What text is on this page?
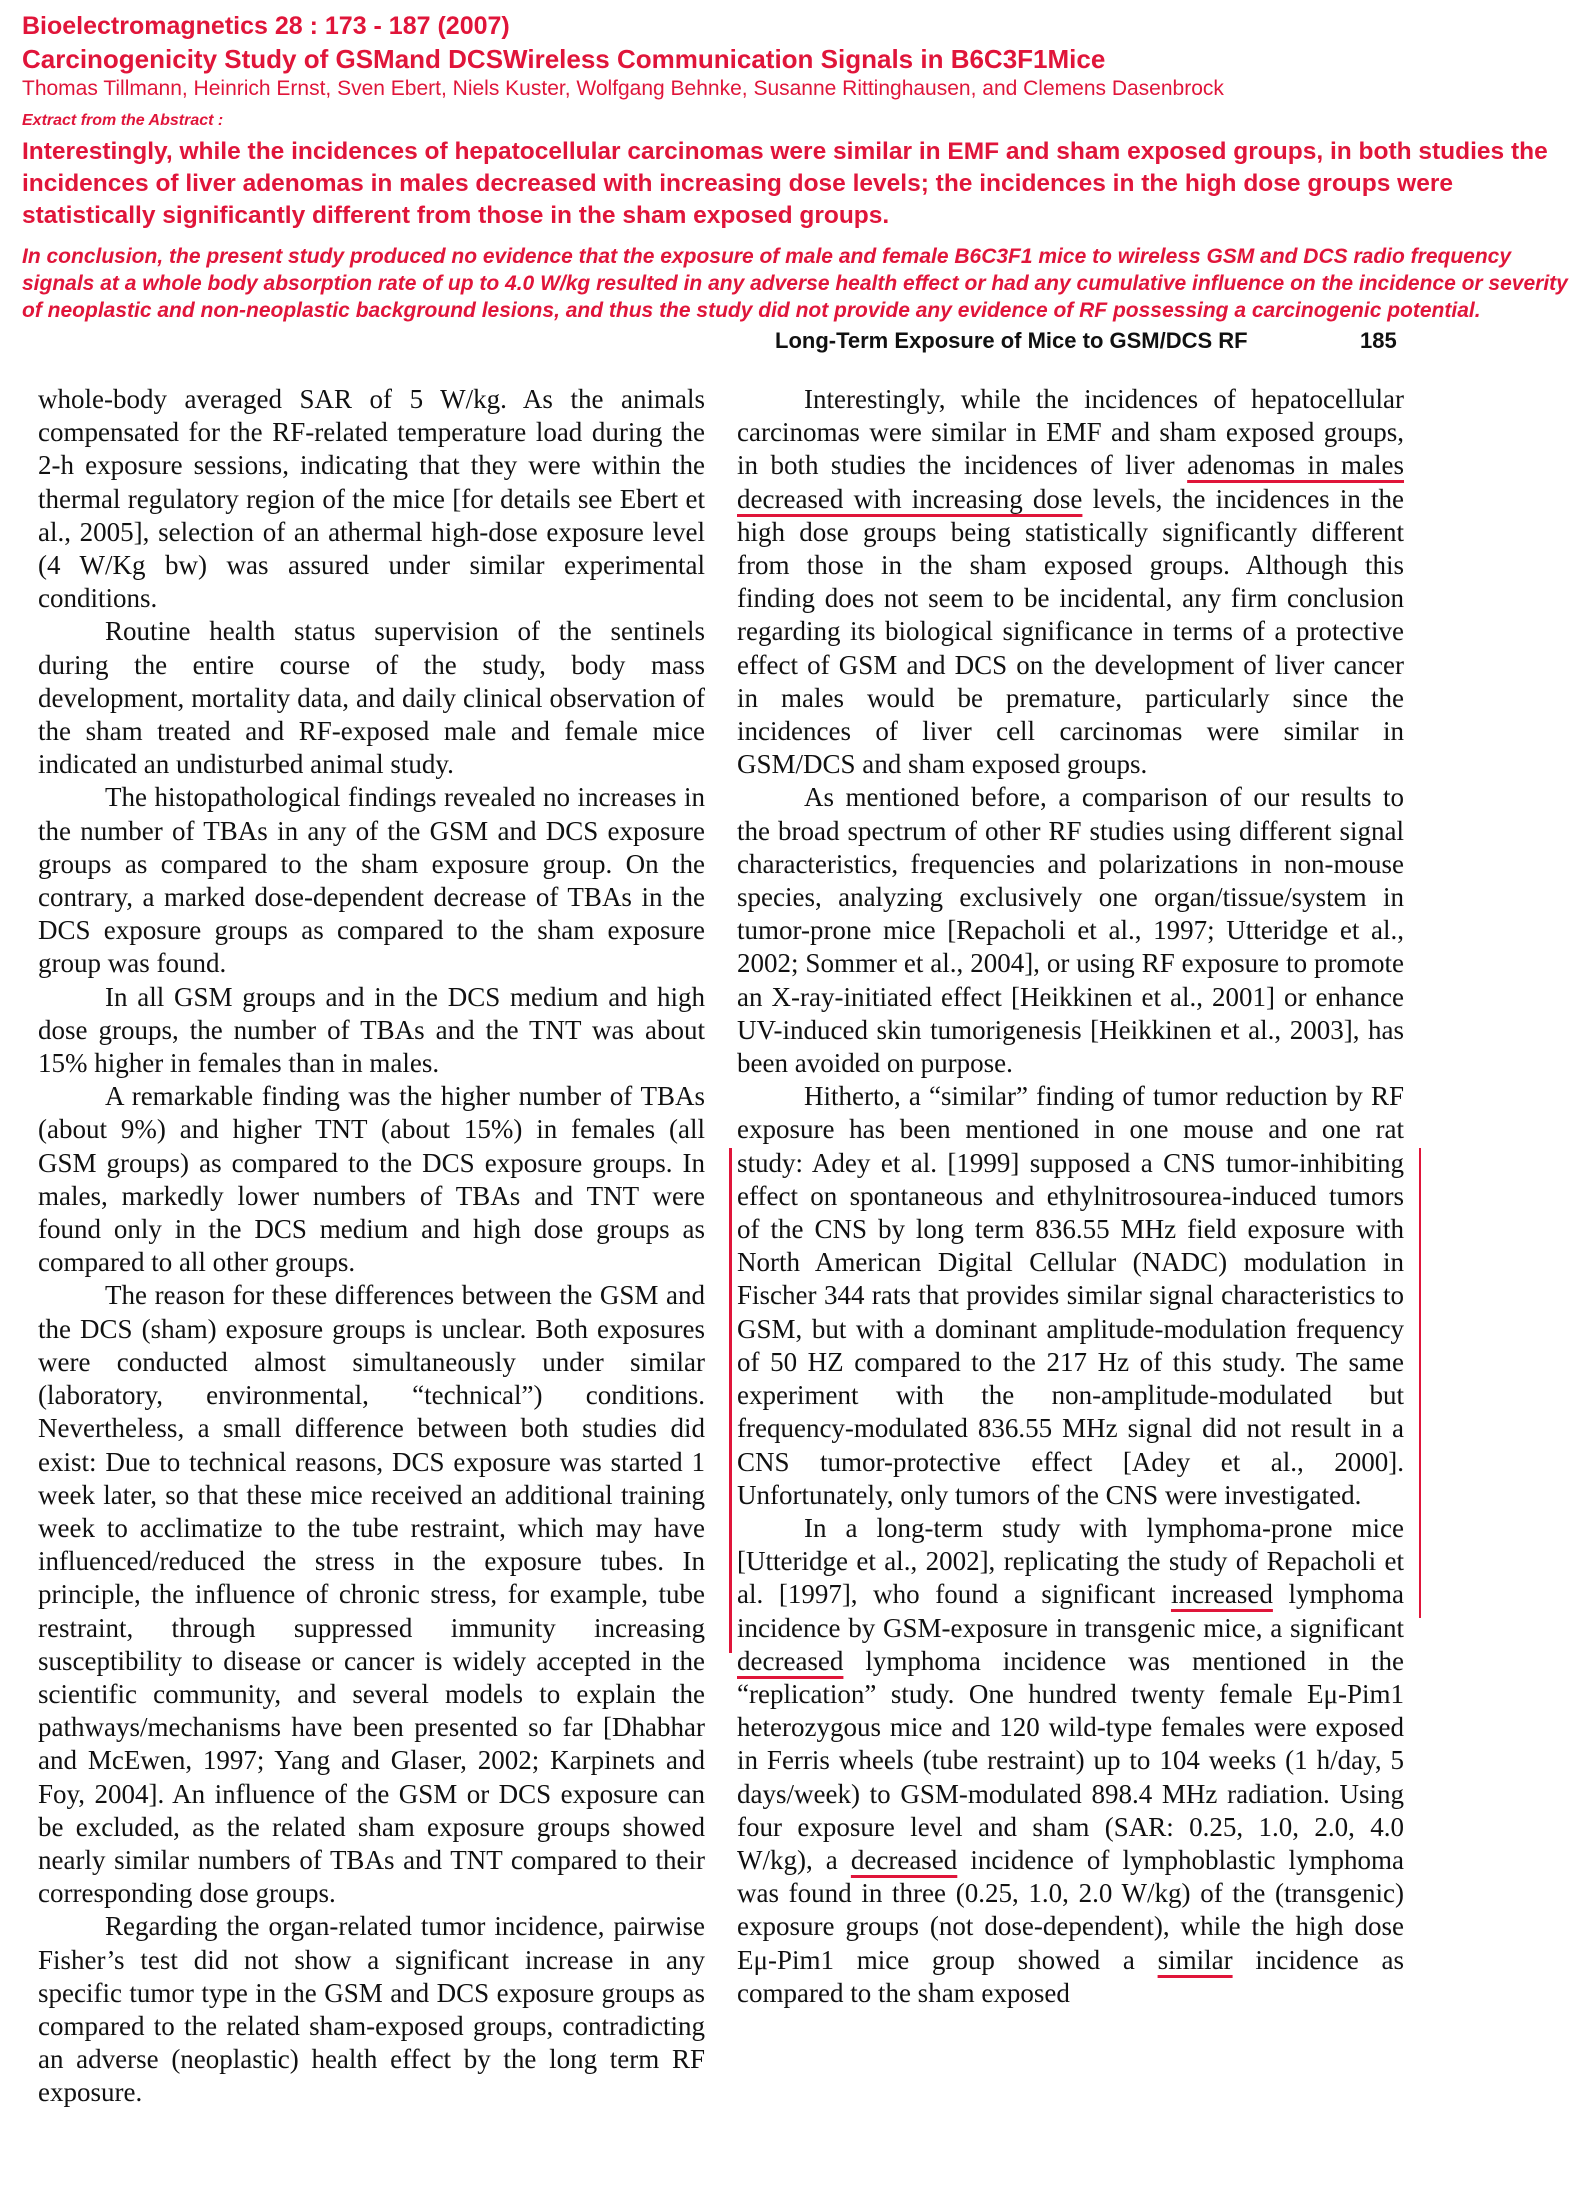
Bioelectromagnetics 28 : 173 - 187 (2007)
Carcinogenicity Study of GSMand DCSWireless Communication Signals in B6C3F1Mice
Thomas Tillmann, Heinrich Ernst, Sven Ebert, Niels Kuster, Wolfgang Behnke, Susanne Rittinghausen, and Clemens Dasenbrock
Extract from the Abstract :
Interestingly, while the incidences of hepatocellular carcinomas were similar in EMF and sham exposed groups, in both studies the incidences of liver adenomas in males decreased with increasing dose levels; the incidences in the high dose groups were statistically significantly different from those in the sham exposed groups.
In conclusion, the present study produced no evidence that the exposure of male and female B6C3F1 mice to wireless GSM and DCS radio frequency signals at a whole body absorption rate of up to 4.0 W/kg resulted in any adverse health effect or had any cumulative influence on the incidence or severity of neoplastic and non-neoplastic background lesions, and thus the study did not provide any evidence of RF possessing a carcinogenic potential.
Long-Term Exposure of Mice to GSM/DCS RF	185

whole-body averaged SAR of 5 W/kg. As the animals compensated for the RF-related temperature load during the 2-h exposure sessions, indicating that they were within the thermal regulatory region of the mice [for details see Ebert et al., 2005], selection of an athermal high-dose exposure level (4 W/Kg bw) was assured under similar experimental conditions.

Routine health status supervision of the sentinels during the entire course of the study, body mass development, mortality data, and daily clinical observation of the sham treated and RF-exposed male and female mice indicated an undisturbed animal study.

The histopathological findings revealed no increases in the number of TBAs in any of the GSM and DCS exposure groups as compared to the sham exposure group. On the contrary, a marked dose-dependent decrease of TBAs in the DCS exposure groups as compared to the sham exposure group was found.

In all GSM groups and in the DCS medium and high dose groups, the number of TBAs and the TNT was about 15% higher in females than in males.

A remarkable finding was the higher number of TBAs (about 9%) and higher TNT (about 15%) in females (all GSM groups) as compared to the DCS exposure groups. In males, markedly lower numbers of TBAs and TNT were found only in the DCS medium and high dose groups as compared to all other groups.

The reason for these differences between the GSM and the DCS (sham) exposure groups is unclear. Both exposures were conducted almost simultaneously under similar (laboratory, environmental, “technical”) conditions. Nevertheless, a small difference between both studies did exist: Due to technical reasons, DCS exposure was started 1 week later, so that these mice received an additional training week to acclimatize to the tube restraint, which may have influenced/reduced the stress in the exposure tubes. In principle, the influence of chronic stress, for example, tube restraint, through suppressed immunity increasing susceptibility to disease or cancer is widely accepted in the scientific community, and several models to explain the pathways/mechanisms have been presented so far [Dhabhar and McEwen, 1997; Yang and Glaser, 2002; Karpinets and Foy, 2004]. An influence of the GSM or DCS exposure can be excluded, as the related sham exposure groups showed nearly similar numbers of TBAs and TNT compared to their corresponding dose groups.

Regarding the organ-related tumor incidence, pairwise Fisher’s test did not show a significant increase in any specific tumor type in the GSM and DCS exposure groups as compared to the related sham-exposed groups, contradicting an adverse (neoplastic) health effect by the long term RF exposure.

Interestingly, while the incidences of hepatocellular carcinomas were similar in EMF and sham exposed groups, in both studies the incidences of liver adenomas in males decreased with increasing dose levels, the incidences in the high dose groups being statistically significantly different from those in the sham exposed groups. Although this finding does not seem to be incidental, any firm conclusion regarding its biological significance in terms of a protective effect of GSM and DCS on the development of liver cancer in males would be premature, particularly since the incidences of liver cell carcinomas were similar in GSM/DCS and sham exposed groups.

As mentioned before, a comparison of our results to the broad spectrum of other RF studies using different signal characteristics, frequencies and polarizations in non-mouse species, analyzing exclusively one organ/tissue/system in tumor-prone mice [Repacholi et al., 1997; Utteridge et al., 2002; Sommer et al., 2004], or using RF exposure to promote an X-ray-initiated effect [Heikkinen et al., 2001] or enhance UV-induced skin tumorigenesis [Heikkinen et al., 2003], has been avoided on purpose.

Hitherto, a “similar” finding of tumor reduction by RF exposure has been mentioned in one mouse and one rat study: Adey et al. [1999] supposed a CNS tumor-inhibiting effect on spontaneous and ethylnitrosourea-induced tumors of the CNS by long term 836.55 MHz field exposure with North American Digital Cellular (NADC) modulation in Fischer 344 rats that provides similar signal characteristics to GSM, but with a dominant amplitude-modulation frequency of 50 HZ compared to the 217 Hz of this study. The same experiment with the non-amplitude-modulated but frequency-modulated 836.55 MHz signal did not result in a CNS tumor-protective effect [Adey et al., 2000]. Unfortunately, only tumors of the CNS were investigated.

In a long-term study with lymphoma-prone mice [Utteridge et al., 2002], replicating the study of Repacholi et al. [1997], who found a significant increased lymphoma incidence by GSM-exposure in transgenic mice, a significant decreased lymphoma incidence was mentioned in the “replication” study. One hundred twenty female Eμ-Pim1 heterozygous mice and 120 wild-type females were exposed in Ferris wheels (tube restraint) up to 104 weeks (1 h/day, 5 days/week) to GSM-modulated 898.4 MHz radiation. Using four exposure level and sham (SAR: 0.25, 1.0, 2.0, 4.0 W/kg), a decreased incidence of lymphoblastic lymphoma was found in three (0.25, 1.0, 2.0 W/kg) of the (transgenic) exposure groups (not dose-dependent), while the high dose Eμ-Pim1 mice group showed a similar incidence as compared to the sham exposed
